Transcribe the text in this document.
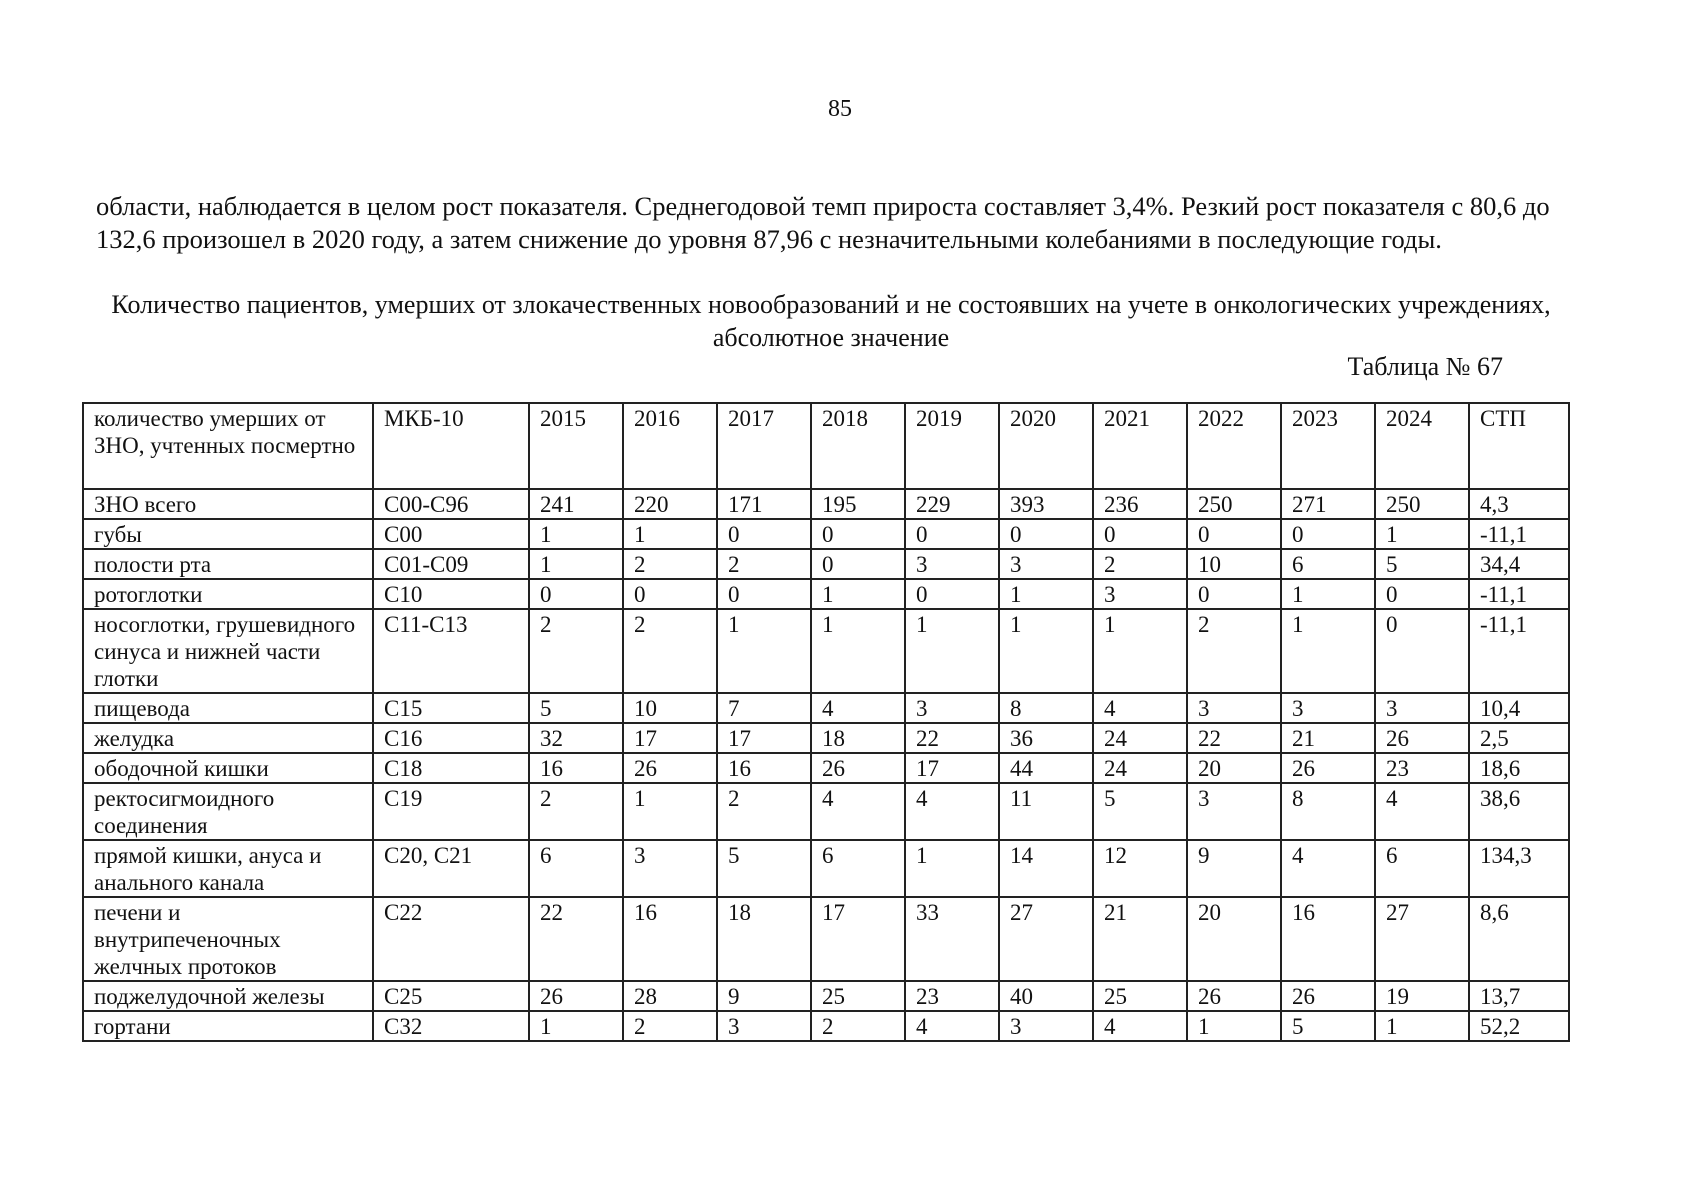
85
области, наблюдается в целом рост показателя. Среднегодовой темп прироста составляет 3,4%. Резкий рост показателя с 80,6 до 132,6 произошел в 2020 году, а затем снижение до уровня 87,96 с незначительными колебаниями в последующие годы.
Количество пациентов, умерших от злокачественных новообразований и не состоявших на учете в онкологических учреждениях, абсолютное значение
Таблица № 67
количество умерших от ЗНО, учтенных посмертно	МКБ-10	2015	2016	2017	2018	2019	2020	2021	2022	2023	2024	СТП
ЗНО всего	С00-С96	241	220	171	195	229	393	236	250	271	250	4,3
губы	С00	1	1	0	0	0	0	0	0	0	1	-11,1
полости рта	С01-С09	1	2	2	0	3	3	2	10	6	5	34,4
ротоглотки	С10	0	0	0	1	0	1	3	0	1	0	-11,1
носоглотки, грушевидного синуса и нижней части глотки	С11-С13	2	2	1	1	1	1	1	2	1	0	-11,1
пищевода	С15	5	10	7	4	3	8	4	3	3	3	10,4
желудка	С16	32	17	17	18	22	36	24	22	21	26	2,5
ободочной кишки	С18	16	26	16	26	17	44	24	20	26	23	18,6
ректосигмоидного соединения	С19	2	1	2	4	4	11	5	3	8	4	38,6
прямой кишки, ануса и анального канала	С20, С21	6	3	5	6	1	14	12	9	4	6	134,3
печени и внутрипеченочных желчных протоков	С22	22	16	18	17	33	27	21	20	16	27	8,6
поджелудочной железы	С25	26	28	9	25	23	40	25	26	26	19	13,7
гортани	С32	1	2	3	2	4	3	4	1	5	1	52,2
